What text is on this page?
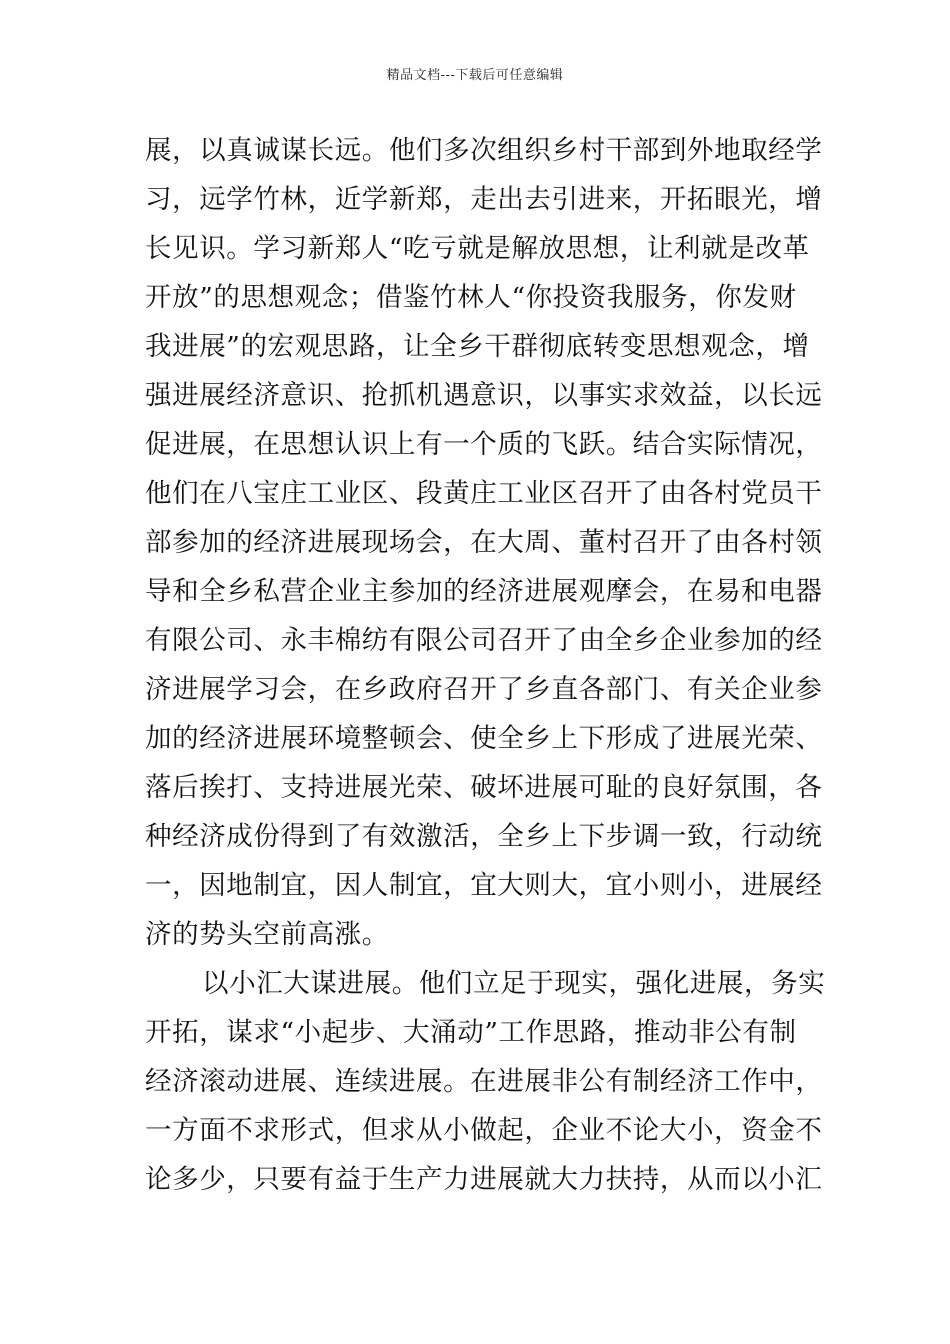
精品文档---下载后可任意编辑
展，以真诚谋长远。他们多次组织乡村干部到外地取经学
习，远学竹林，近学新郑，走出去引进来，开拓眼光，增
长见识。学习新郑人“吃亏就是解放思想，让利就是改革
开放”的思想观念；借鉴竹林人“你投资我服务，你发财
我进展”的宏观思路，让全乡干群彻底转变思想观念，增
强进展经济意识、抢抓机遇意识，以事实求效益，以长远
促进展，在思想认识上有一个质的飞跃。结合实际情况，
他们在八宝庄工业区、段黄庄工业区召开了由各村党员干
部参加的经济进展现场会，在大周、董村召开了由各村领
导和全乡私营企业主参加的经济进展观摩会，在易和电器
有限公司、永丰棉纺有限公司召开了由全乡企业参加的经
济进展学习会，在乡政府召开了乡直各部门、有关企业参
加的经济进展环境整顿会、使全乡上下形成了进展光荣、
落后挨打、支持进展光荣、破坏进展可耻的良好氛围，各
种经济成份得到了有效激活，全乡上下步调一致，行动统
一，因地制宜，因人制宜，宜大则大，宜小则小，进展经
济的势头空前高涨。
以小汇大谋进展。他们立足于现实，强化进展，务实
开拓，谋求“小起步、大涌动”工作思路，推动非公有制
经济滚动进展、连续进展。在进展非公有制经济工作中，
一方面不求形式，但求从小做起，企业不论大小，资金不
论多少，只要有益于生产力进展就大力扶持，从而以小汇
